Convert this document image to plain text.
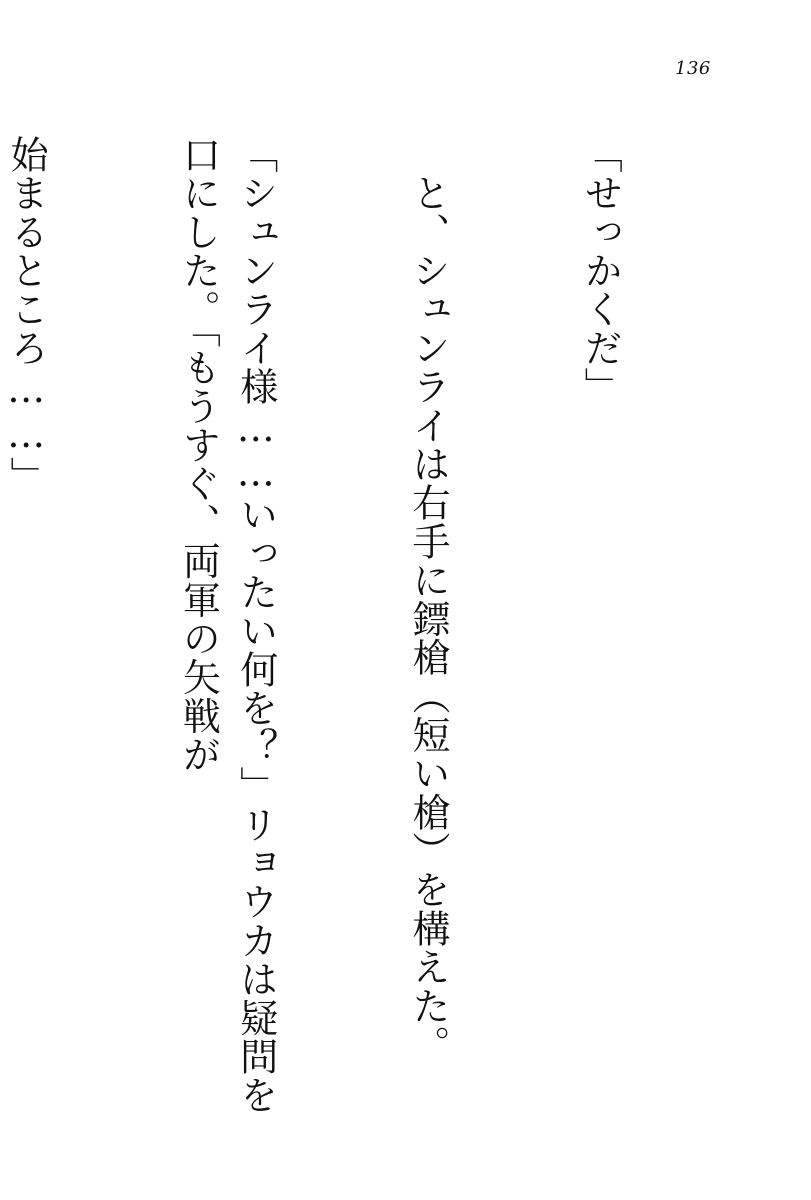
136

「せっかくだ」

　と、シュンライは右手に鏢槍（短い槍）を構えた。

「シュンライ様……いったい何を？」リョウカは疑問を口にした。「もうすぐ、両軍の矢戦が

始まるところ……」
